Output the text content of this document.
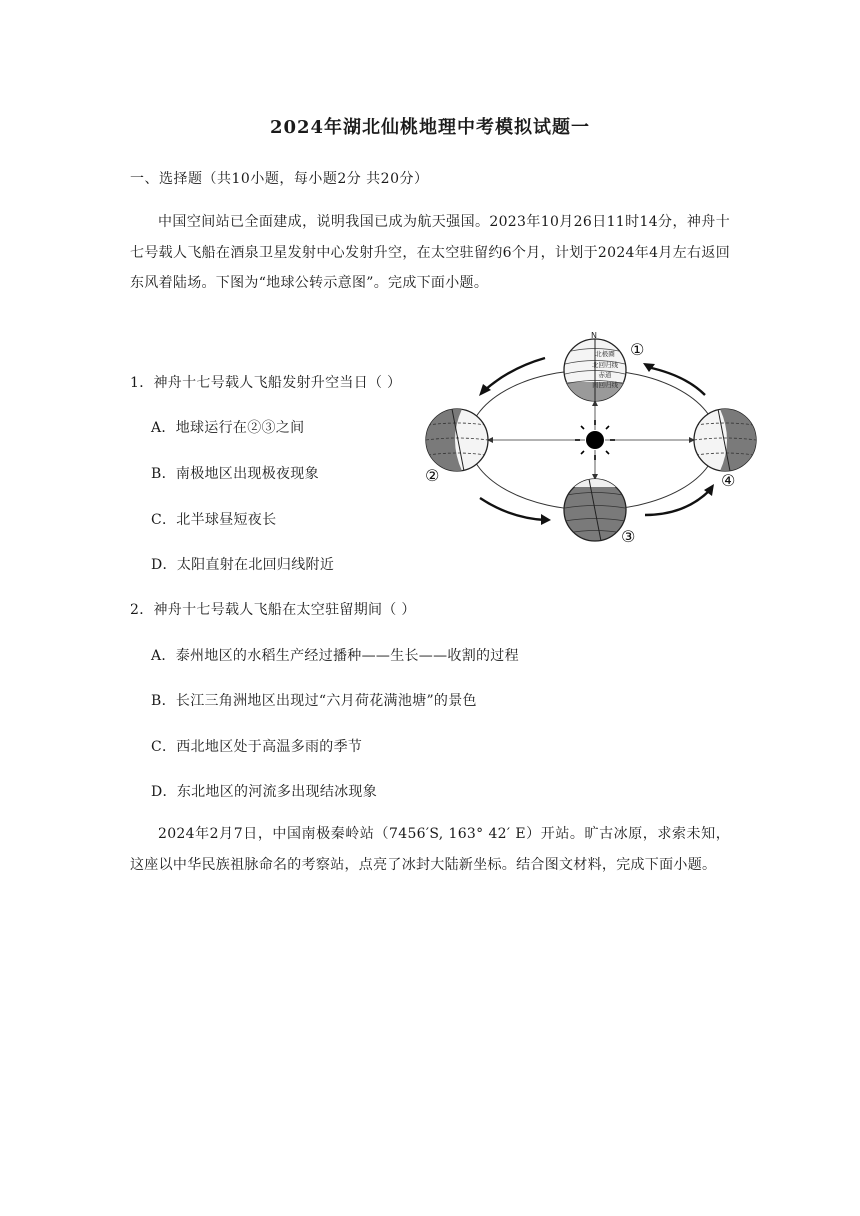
2024年湖北仙桃地理中考模拟试题一
一、选择题（共10小题，每小题2分 共20分）
中国空间站已全面建成，说明我国已成为航天强国。2023年10月26日11时14分，神舟十七号载人飞船在酒泉卫星发射中心发射升空，在太空驻留约6个月，计划于2024年4月左右返回东风着陆场。下图为“地球公转示意图”。完成下面小题。
1．神舟十七号载人飞船发射升空当日（ ）
A．地球运行在②③之间
B．南极地区出现极夜现象
C．北半球昼短夜长
D．太阳直射在北回归线附近
2．神舟十七号载人飞船在太空驻留期间（ ）
A．泰州地区的水稻生产经过播种——生长——收割的过程
B．长江三角洲地区出现过“六月荷花满池塘”的景色
C．西北地区处于高温多雨的季节
D．东北地区的河流多出现结冰现象
2024年2月7日，中国南极秦岭站（7456′S, 163° 42′ E）开站。旷古冰原，求索未知，这座以中华民族祖脉命名的考察站，点亮了冰封大陆新坐标。结合图文材料，完成下面小题。
北极圈
北回归线
赤道
南回归线
N
①
②
③
④
